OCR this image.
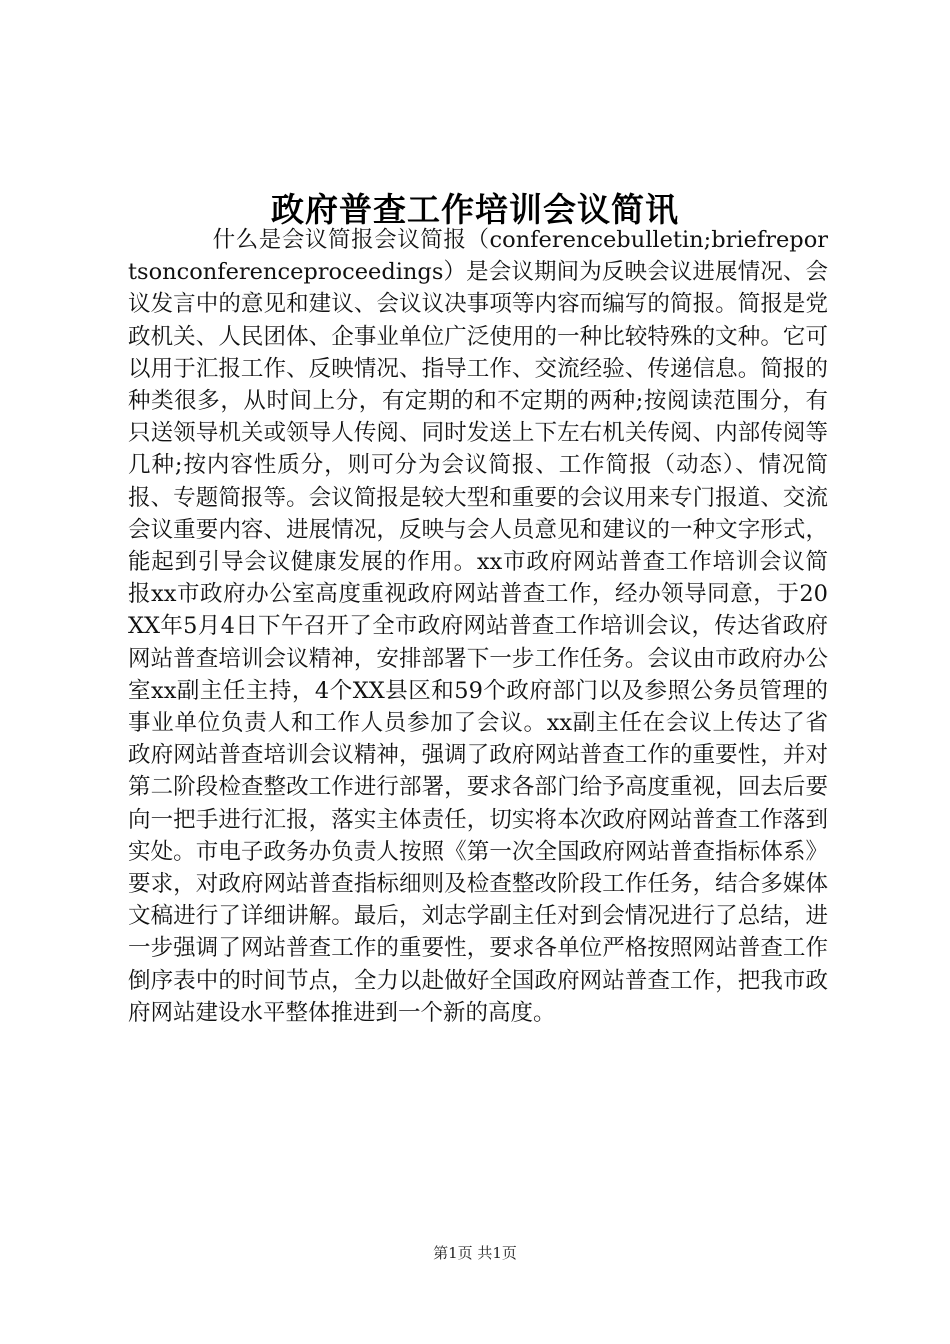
政府普查工作培训会议简讯

什么是会议简报会议简报（conferencebulletin;briefreportsonconferenceproceedings）是会议期间为反映会议进展情况、会议发言中的意见和建议、会议议决事项等内容而编写的简报。简报是党政机关、人民团体、企事业单位广泛使用的一种比较特殊的文种。它可以用于汇报工作、反映情况、指导工作、交流经验、传递信息。简报的种类很多，从时间上分，有定期的和不定期的两种;按阅读范围分，有只送领导机关或领导人传阅、同时发送上下左右机关传阅、内部传阅等几种;按内容性质分，则可分为会议简报、工作简报（动态）、情况简报、专题简报等。会议简报是较大型和重要的会议用来专门报道、交流会议重要内容、进展情况，反映与会人员意见和建议的一种文字形式，能起到引导会议健康发展的作用。xx市政府网站普查工作培训会议简报xx市政府办公室高度重视政府网站普查工作，经办领导同意，于20XX年5月4日下午召开了全市政府网站普查工作培训会议，传达省政府网站普查培训会议精神，安排部署下一步工作任务。会议由市政府办公室xx副主任主持，4个XX县区和59个政府部门以及参照公务员管理的事业单位负责人和工作人员参加了会议。xx副主任在会议上传达了省政府网站普查培训会议精神，强调了政府网站普查工作的重要性，并对第二阶段检查整改工作进行部署，要求各部门给予高度重视，回去后要向一把手进行汇报，落实主体责任，切实将本次政府网站普查工作落到实处。市电子政务办负责人按照《第一次全国政府网站普查指标体系》要求，对政府网站普查指标细则及检查整改阶段工作任务，结合多媒体文稿进行了详细讲解。最后，刘志学副主任对到会情况进行了总结，进一步强调了网站普查工作的重要性，要求各单位严格按照网站普查工作倒序表中的时间节点，全力以赴做好全国政府网站普查工作，把我市政府网站建设水平整体推进到一个新的高度。

第1页 共1页
